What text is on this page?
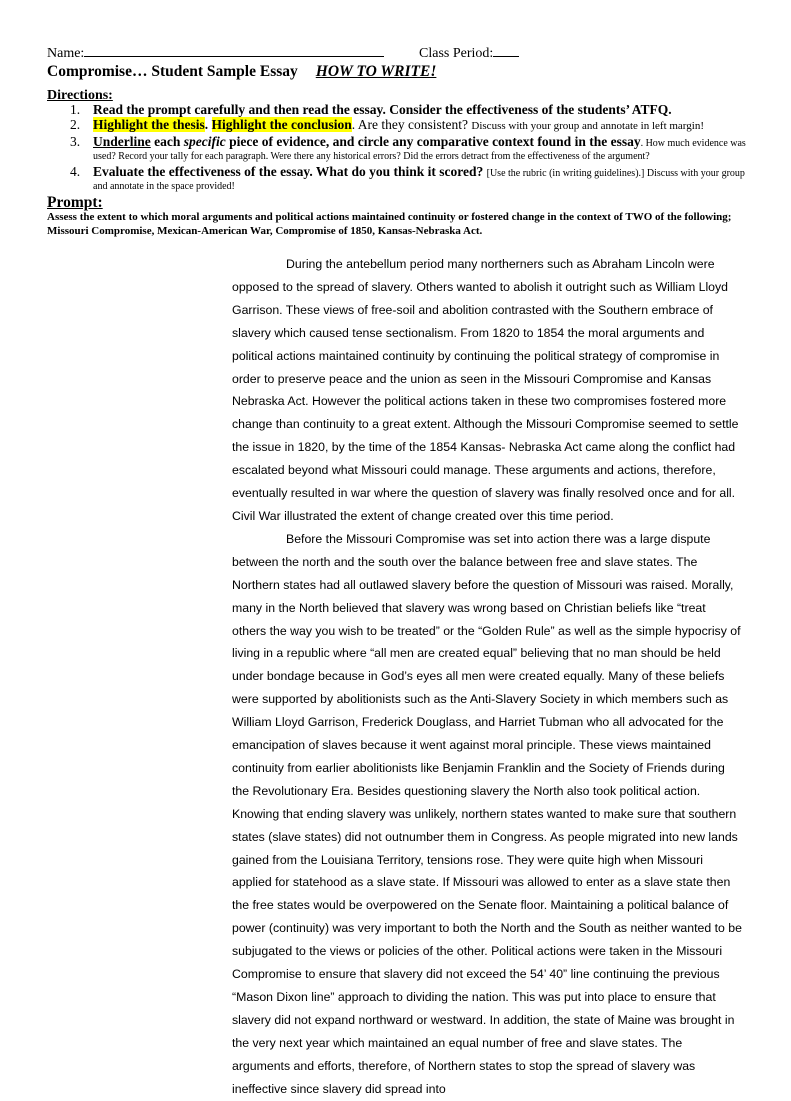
Name:	Class Period:
Compromise… Student Sample Essay HOW TO WRITE!
Directions:
1. Read the prompt carefully and then read the essay. Consider the effectiveness of the students’ ATFQ.
2. Highlight the thesis. Highlight the conclusion. Are they consistent? Discuss with your group and annotate in left margin!
3. Underline each specific piece of evidence, and circle any comparative context found in the essay. How much evidence was used? Record your tally for each paragraph. Were there any historical errors? Did the errors detract from the effectiveness of the argument?
4. Evaluate the effectiveness of the essay. What do you think it scored? [Use the rubric (in writing guidelines).] Discuss with your group and annotate in the space provided!
Prompt:
Assess the extent to which moral arguments and political actions maintained continuity or fostered change in the context of TWO of the following; Missouri Compromise, Mexican-American War, Compromise of 1850, Kansas-Nebraska Act.

During the antebellum period many northerners such as Abraham Lincoln were opposed to the spread of slavery. Others wanted to abolish it outright such as William Lloyd Garrison. These views of free-soil and abolition contrasted with the Southern embrace of slavery which caused tense sectionalism. From 1820 to 1854 the moral arguments and political actions maintained continuity by continuing the political strategy of compromise in order to preserve peace and the union as seen in the Missouri Compromise and Kansas Nebraska Act. However the political actions taken in these two compromises fostered more change than continuity to a great extent. Although the Missouri Compromise seemed to settle the issue in 1820, by the time of the 1854 Kansas- Nebraska Act came along the conflict had escalated beyond what Missouri could manage. These arguments and actions, therefore, eventually resulted in war where the question of slavery was finally resolved once and for all. Civil War illustrated the extent of change created over this time period.

Before the Missouri Compromise was set into action there was a large dispute between the north and the south over the balance between free and slave states. The Northern states had all outlawed slavery before the question of Missouri was raised. Morally, many in the North believed that slavery was wrong based on Christian beliefs like “treat others the way you wish to be treated” or the “Golden Rule” as well as the simple hypocrisy of living in a republic where “all men are created equal” believing that no man should be held under bondage because in God’s eyes all men were created equally. Many of these beliefs were supported by abolitionists such as the Anti-Slavery Society in which members such as William Lloyd Garrison, Frederick Douglass, and Harriet Tubman who all advocated for the emancipation of slaves because it went against moral principle. These views maintained continuity from earlier abolitionists like Benjamin Franklin and the Society of Friends during the Revolutionary Era. Besides questioning slavery the North also took political action. Knowing that ending slavery was unlikely, northern states wanted to make sure that southern states (slave states) did not outnumber them in Congress. As people migrated into new lands gained from the Louisiana Territory, tensions rose. They were quite high when Missouri applied for statehood as a slave state. If Missouri was allowed to enter as a slave state then the free states would be overpowered on the Senate floor. Maintaining a political balance of power (continuity) was very important to both the North and the South as neither wanted to be subjugated to the views or policies of the other. Political actions were taken in the Missouri Compromise to ensure that slavery did not exceed the 54’ 40” line continuing the previous “Mason Dixon line” approach to dividing the nation. This was put into place to ensure that slavery did not expand northward or westward. In addition, the state of Maine was brought in the very next year which maintained an equal number of free and slave states. The arguments and efforts, therefore, of Northern states to stop the spread of slavery was ineffective since slavery did spread into
